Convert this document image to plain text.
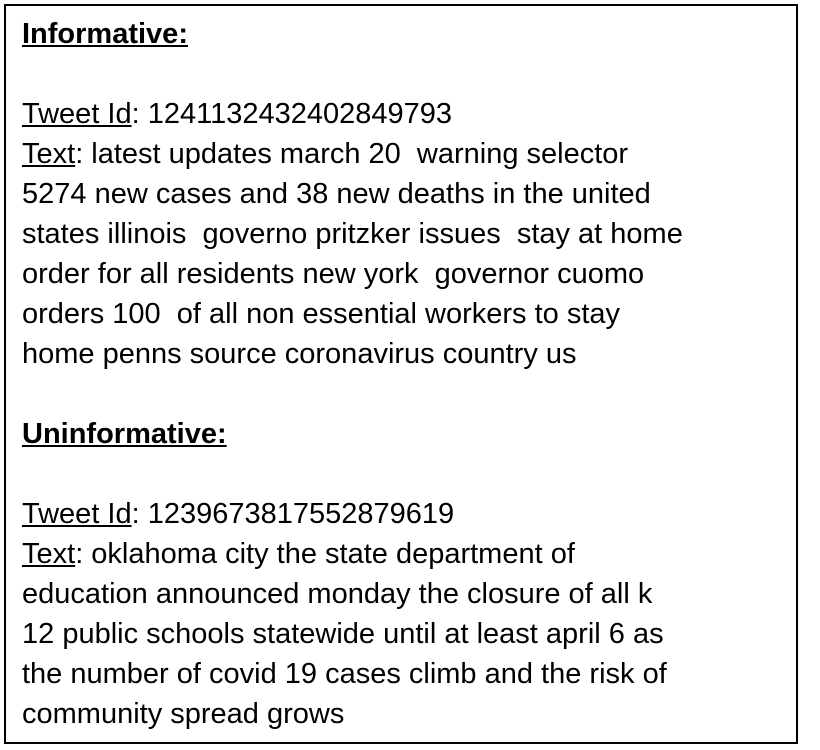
Informative:
Tweet Id: 1241132432402849793
Text: latest updates march 20  warning selector
5274 new cases and 38 new deaths in the united
states illinois  governo pritzker issues  stay at home
order for all residents new york  governor cuomo
orders 100  of all non essential workers to stay
home penns source coronavirus country us
Uninformative:
Tweet Id: 1239673817552879619
Text: oklahoma city the state department of
education announced monday the closure of all k
12 public schools statewide until at least april 6 as
the number of covid 19 cases climb and the risk of
community spread grows
